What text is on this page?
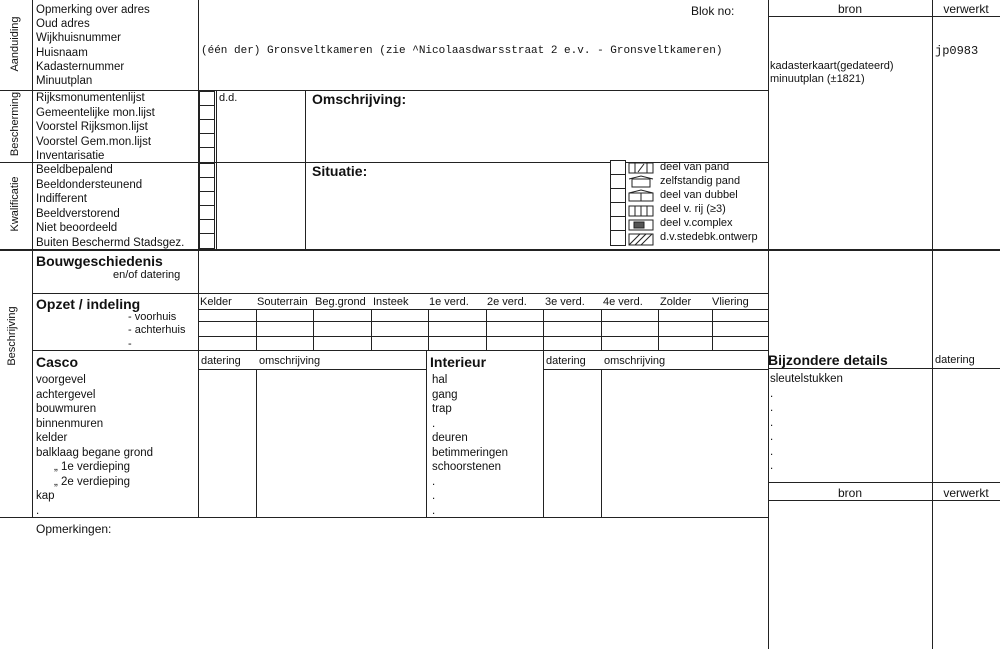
Aanduiding
Bescherming
Kwalificatie
Beschrijving
Opmerking over adres
Oud adres
Wijkhuisnummer
Huisnaam
Kadasternummer
Minuutplan
Blok no:
(één der) Gronsveltkameren (zie ^Nicolaasdwarsstraat 2 e.v. - Gronsveltkameren)	jp0983
bron	verwerkt
kadasterkaart(gedateerd)
minuutplan (±1821)
Rijksmonumentenlijst
Gemeentelijke mon.lijst
Voorstel Rijksmon.lijst
Voorstel Gem.mon.lijst
Inventarisatie
d.d.	Omschrijving:
Beeldbepalend
Beeldondersteunend
Indifferent
Beeldverstorend
Niet beoordeeld
Buiten Beschermd Stadsgez.
Situatie:	deel van pand
zelfstandig pand
deel van dubbel
deel v. rij (≥3)
deel v.complex
d.v.stedebk.ontwerp
Bouwgeschiedenis
en/of datering
Opzet / indeling
- voorhuis
- achterhuis
-
Kelder Souterrain Beg.grond Insteek 1e verd. 2e verd. 3e verd. 4e verd. Zolder Vliering
Casco	datering omschrijving
voorgevel
achtergevel
bouwmuren
binnenmuren
kelder
balklaag begane grond
„ 1e verdieping
„ 2e verdieping
kap
.
Interieur	datering omschrijving
hal
gang
trap
.
deuren
betimmeringen
schoorstenen
.
.
.
Bijzondere details	datering
sleutelstukken
.
.
.
.
.
.
bron	verwerkt
Opmerkingen:
